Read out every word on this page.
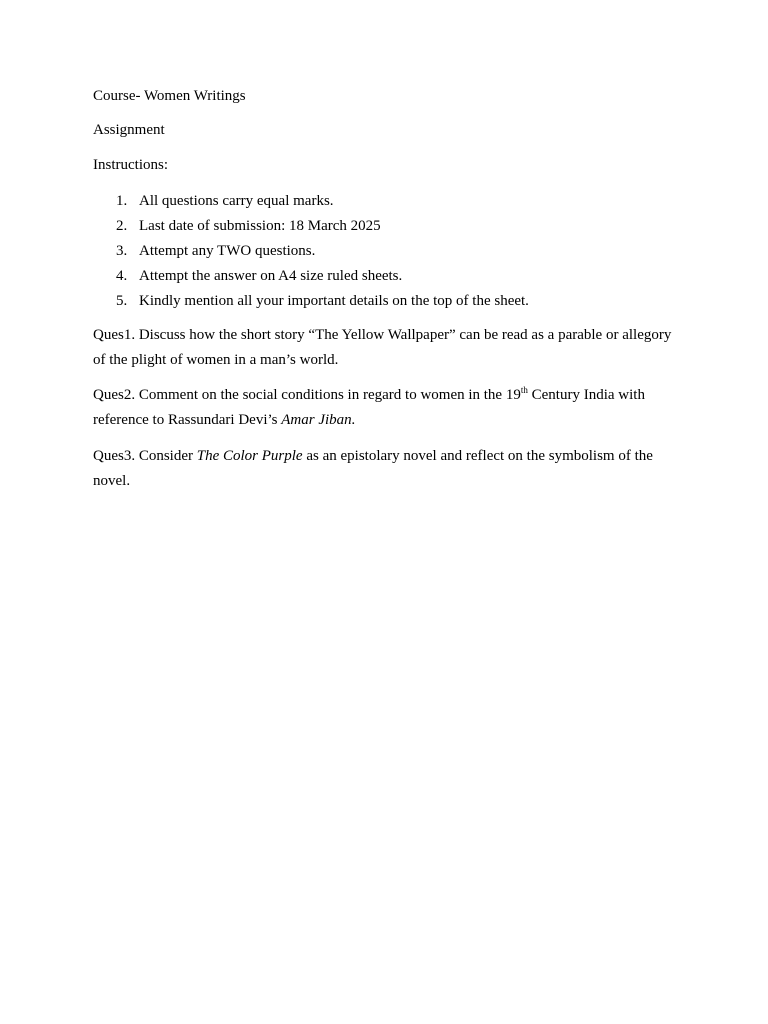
Course- Women Writings
Assignment
Instructions:
1. All questions carry equal marks.
2. Last date of submission: 18 March 2025
3. Attempt any TWO questions.
4. Attempt the answer on A4 size ruled sheets.
5. Kindly mention all your important details on the top of the sheet.
Ques1. Discuss how the short story “The Yellow Wallpaper” can be read as a parable or allegory of the plight of women in a man’s world.
Ques2. Comment on the social conditions in regard to women in the 19th Century India with reference to Rassundari Devi’s Amar Jiban.
Ques3. Consider The Color Purple as an epistolary novel and reflect on the symbolism of the novel.
